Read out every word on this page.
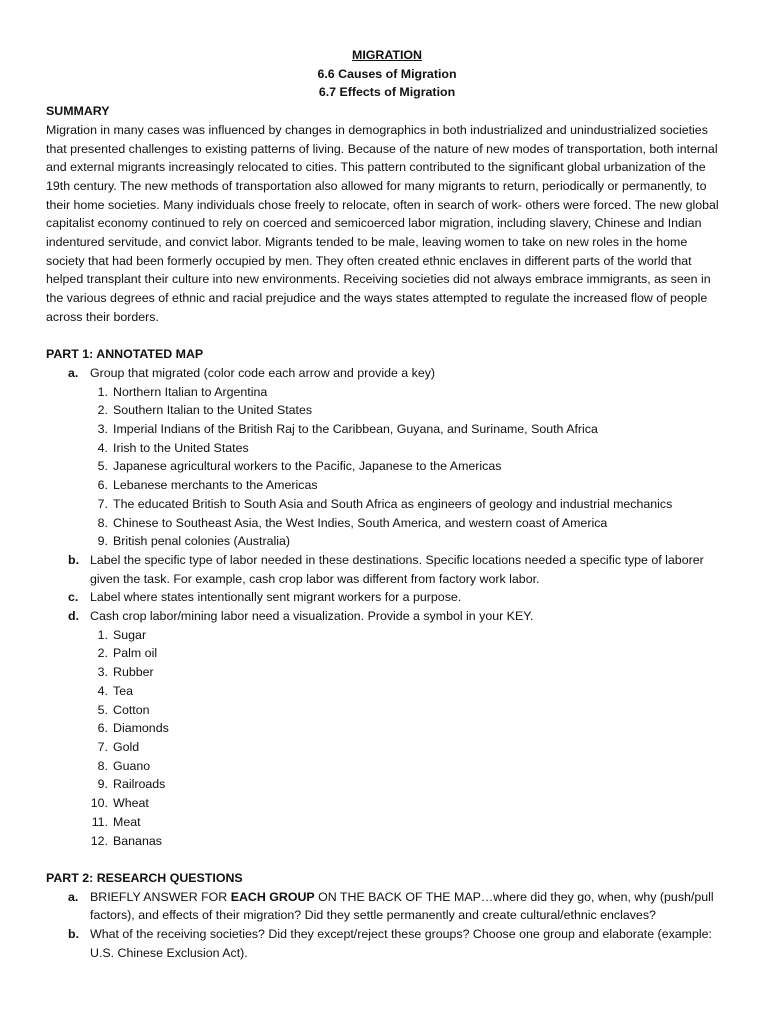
MIGRATION
6.6 Causes of Migration
6.7 Effects of Migration
SUMMARY

Migration in many cases was influenced by changes in demographics in both industrialized and unindustrialized societies that presented challenges to existing patterns of living. Because of the nature of new modes of transportation, both internal and external migrants increasingly relocated to cities. This pattern contributed to the significant global urbanization of the 19th century. The new methods of transportation also allowed for many migrants to return, periodically or permanently, to their home societies. Many individuals chose freely to relocate, often in search of work- others were forced. The new global capitalist economy continued to rely on coerced and semicoerced labor migration, including slavery, Chinese and Indian indentured servitude, and convict labor. Migrants tended to be male, leaving women to take on new roles in the home society that had been formerly occupied by men. They often created ethnic enclaves in different parts of the world that helped transplant their culture into new environments. Receiving societies did not always embrace immigrants, as seen in the various degrees of ethnic and racial prejudice and the ways states attempted to regulate the increased flow of people across their borders.

PART 1: ANNOTATED MAP
a. Group that migrated (color code each arrow and provide a key)
1. Northern Italian to Argentina
2. Southern Italian to the United States
3. Imperial Indians of the British Raj to the Caribbean, Guyana, and Suriname, South Africa
4. Irish to the United States
5. Japanese agricultural workers to the Pacific, Japanese to the Americas
6. Lebanese merchants to the Americas
7. The educated British to South Asia and South Africa as engineers of geology and industrial mechanics
8. Chinese to Southeast Asia, the West Indies, South America, and western coast of America
9. British penal colonies (Australia)
b. Label the specific type of labor needed in these destinations. Specific locations needed a specific type of laborer given the task. For example, cash crop labor was different from factory work labor.
c. Label where states intentionally sent migrant workers for a purpose.
d. Cash crop labor/mining labor need a visualization. Provide a symbol in your KEY.
1. Sugar
2. Palm oil
3. Rubber
4. Tea
5. Cotton
6. Diamonds
7. Gold
8. Guano
9. Railroads
10. Wheat
11. Meat
12. Bananas
PART 2: RESEARCH QUESTIONS
a. BRIEFLY ANSWER FOR EACH GROUP ON THE BACK OF THE MAP…where did they go, when, why (push/pull factors), and effects of their migration? Did they settle permanently and create cultural/ethnic enclaves?
b. What of the receiving societies? Did they except/reject these groups? Choose one group and elaborate (example: U.S. Chinese Exclusion Act).
